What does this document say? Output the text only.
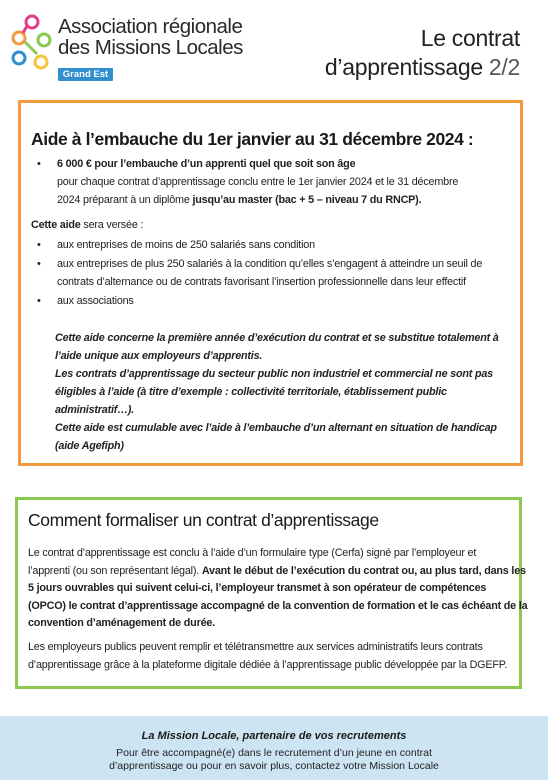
Association régionale
des Missions Locales
Grand Est
Le contrat
d’apprentissage 2/2
Aide à l’embauche du 1er janvier au 31 décembre 2024 :
• 6 000 € pour l’embauche d’un apprenti quel que soit son âge
pour chaque contrat d’apprentissage conclu entre le 1er janvier 2024 et le 31 décembre
2024 préparant à un diplôme jusqu’au master (bac + 5 – niveau 7 du RNCP).
Cette aide sera versée :
• aux entreprises de moins de 250 salariés sans condition
• aux entreprises de plus 250 salariés à la condition qu’elles s’engagent à atteindre un seuil de
contrats d’alternance ou de contrats favorisant l’insertion professionnelle dans leur effectif
• aux associations

Cette aide concerne la première année d’exécution du contrat et se substitue totalement à

l’aide unique aux employeurs d’apprentis.

Les contrats d’apprentissage du secteur public non industriel et commercial ne sont pas

éligibles à l’aide (à titre d’exemple : collectivité territoriale, établissement public

administratif…).

Cette aide est cumulable avec l’aide à l’embauche d’un alternant en situation de handicap

(aide Agefiph)

Comment formaliser un contrat d’apprentissage
Le contrat d’apprentissage est conclu à l’aide d’un formulaire type (Cerfa) signé par l’employeur et
l’apprenti (ou son représentant légal). Avant le début de l’exécution du contrat ou, au plus tard, dans les
5 jours ouvrables qui suivent celui-ci, l’employeur transmet à son opérateur de compétences
(OPCO) le contrat d’apprentissage accompagné de la convention de formation et le cas échéant de la
convention d’aménagement de durée.
Les employeurs publics peuvent remplir et télétransmettre aux services administratifs leurs contrats
d’apprentissage grâce à la plateforme digitale dédiée à l’apprentissage public développée par la DGEFP.
La Mission Locale, partenaire de vos recrutements
Pour être accompagné(e) dans le recrutement d’un jeune en contrat
d’apprentissage ou pour en savoir plus, contactez votre Mission Locale
